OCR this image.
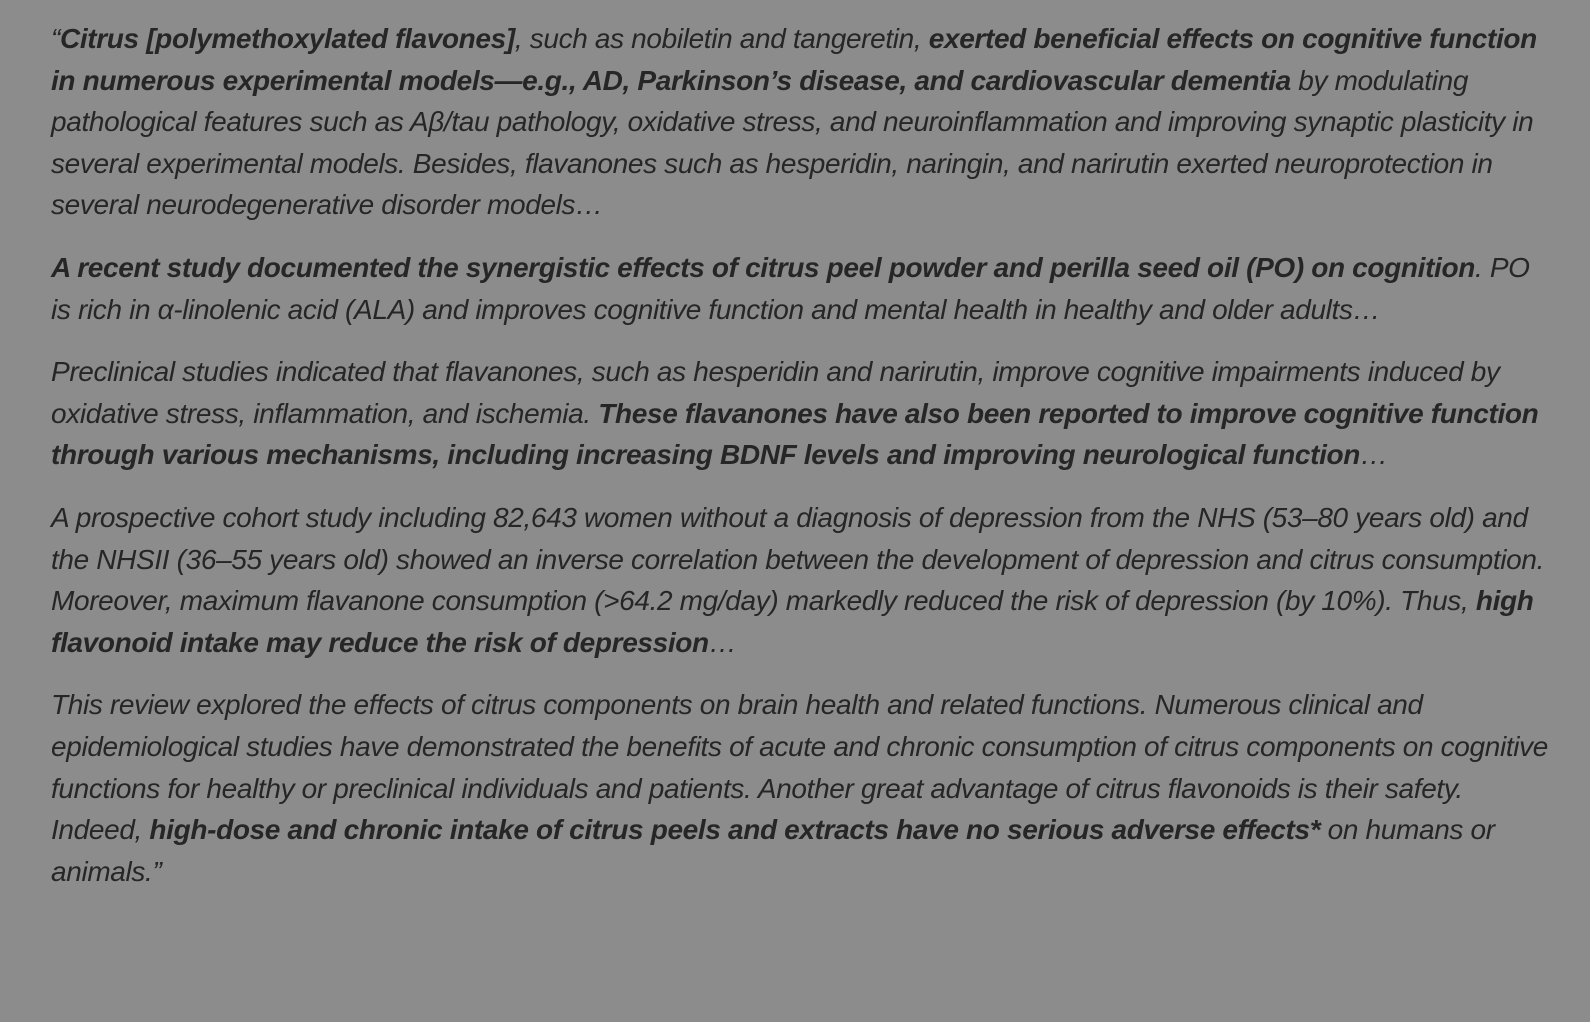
“Citrus [polymethoxylated flavones], such as nobiletin and tangeretin, exerted beneficial effects on cognitive function in numerous experimental models—e.g., AD, Parkinson’s disease, and cardiovascular dementia by modulating pathological features such as Aβ/tau pathology, oxidative stress, and neuroinflammation and improving synaptic plasticity in several experimental models. Besides, flavanones such as hesperidin, naringin, and narirutin exerted neuroprotection in several neurodegenerative disorder models…

A recent study documented the synergistic effects of citrus peel powder and perilla seed oil (PO) on cognition. PO is rich in α-linolenic acid (ALA) and improves cognitive function and mental health in healthy and older adults…

Preclinical studies indicated that flavanones, such as hesperidin and narirutin, improve cognitive impairments induced by oxidative stress, inflammation, and ischemia. These flavanones have also been reported to improve cognitive function through various mechanisms, including increasing BDNF levels and improving neurological function…

A prospective cohort study including 82,643 women without a diagnosis of depression from the NHS (53–80 years old) and the NHSII (36–55 years old) showed an inverse correlation between the development of depression and citrus consumption. Moreover, maximum flavanone consumption (>64.2 mg/day) markedly reduced the risk of depression (by 10%). Thus, high flavonoid intake may reduce the risk of depression…

This review explored the effects of citrus components on brain health and related functions. Numerous clinical and epidemiological studies have demonstrated the benefits of acute and chronic consumption of citrus components on cognitive functions for healthy or preclinical individuals and patients. Another great advantage of citrus flavonoids is their safety. Indeed, high-dose and chronic intake of citrus peels and extracts have no serious adverse effects* on humans or animals.”
